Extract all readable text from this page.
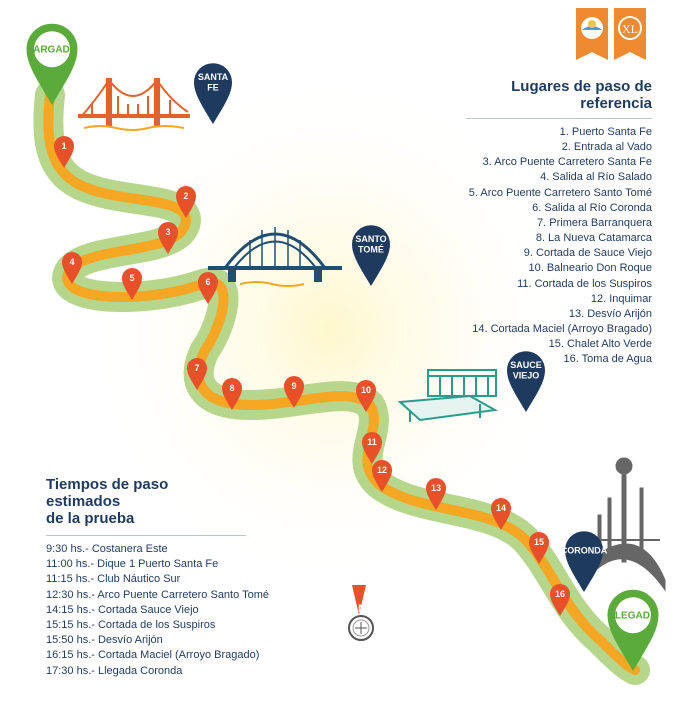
N
XL
LARGADA
LLEGADA
SANTA
FE
SANTO
TOMÉ
SAUCE
VIEJO
CORONDA
1
2
3
4
5	6
7
8	9	10
11
12
13
14
15
16
Lugares de paso de referencia
1. Puerto Santa Fe
2. Entrada al Vado
3. Arco Puente Carretero Santa Fe
4. Salida al Río Salado
5. Arco Puente Carretero Santo Tomé
6. Salida al Río Coronda
7. Primera Barranquera
8. La Nueva Catamarca
9. Cortada de Sauce Viejo
10. Balneario Don Roque
11. Cortada de los Suspiros
12. Inquimar
13. Desvío Arijón
14. Cortada Maciel (Arroyo Bragado)
15. Chalet Alto Verde
16. Toma de Agua
Tiempos de paso estimados
de la prueba
9:30 hs.- Costanera Este
11:00 hs.- Dique 1 Puerto Santa Fe
11:15 hs.- Club Náutico Sur
12:30 hs.- Arco Puente Carretero Santo Tomé
14:15 hs.- Cortada Sauce Viejo
15:15 hs.- Cortada de los Suspiros
15:50 hs.- Desvío Arijón
16:15 hs.- Cortada Maciel (Arroyo Bragado)
17:30 hs.- Llegada Coronda
